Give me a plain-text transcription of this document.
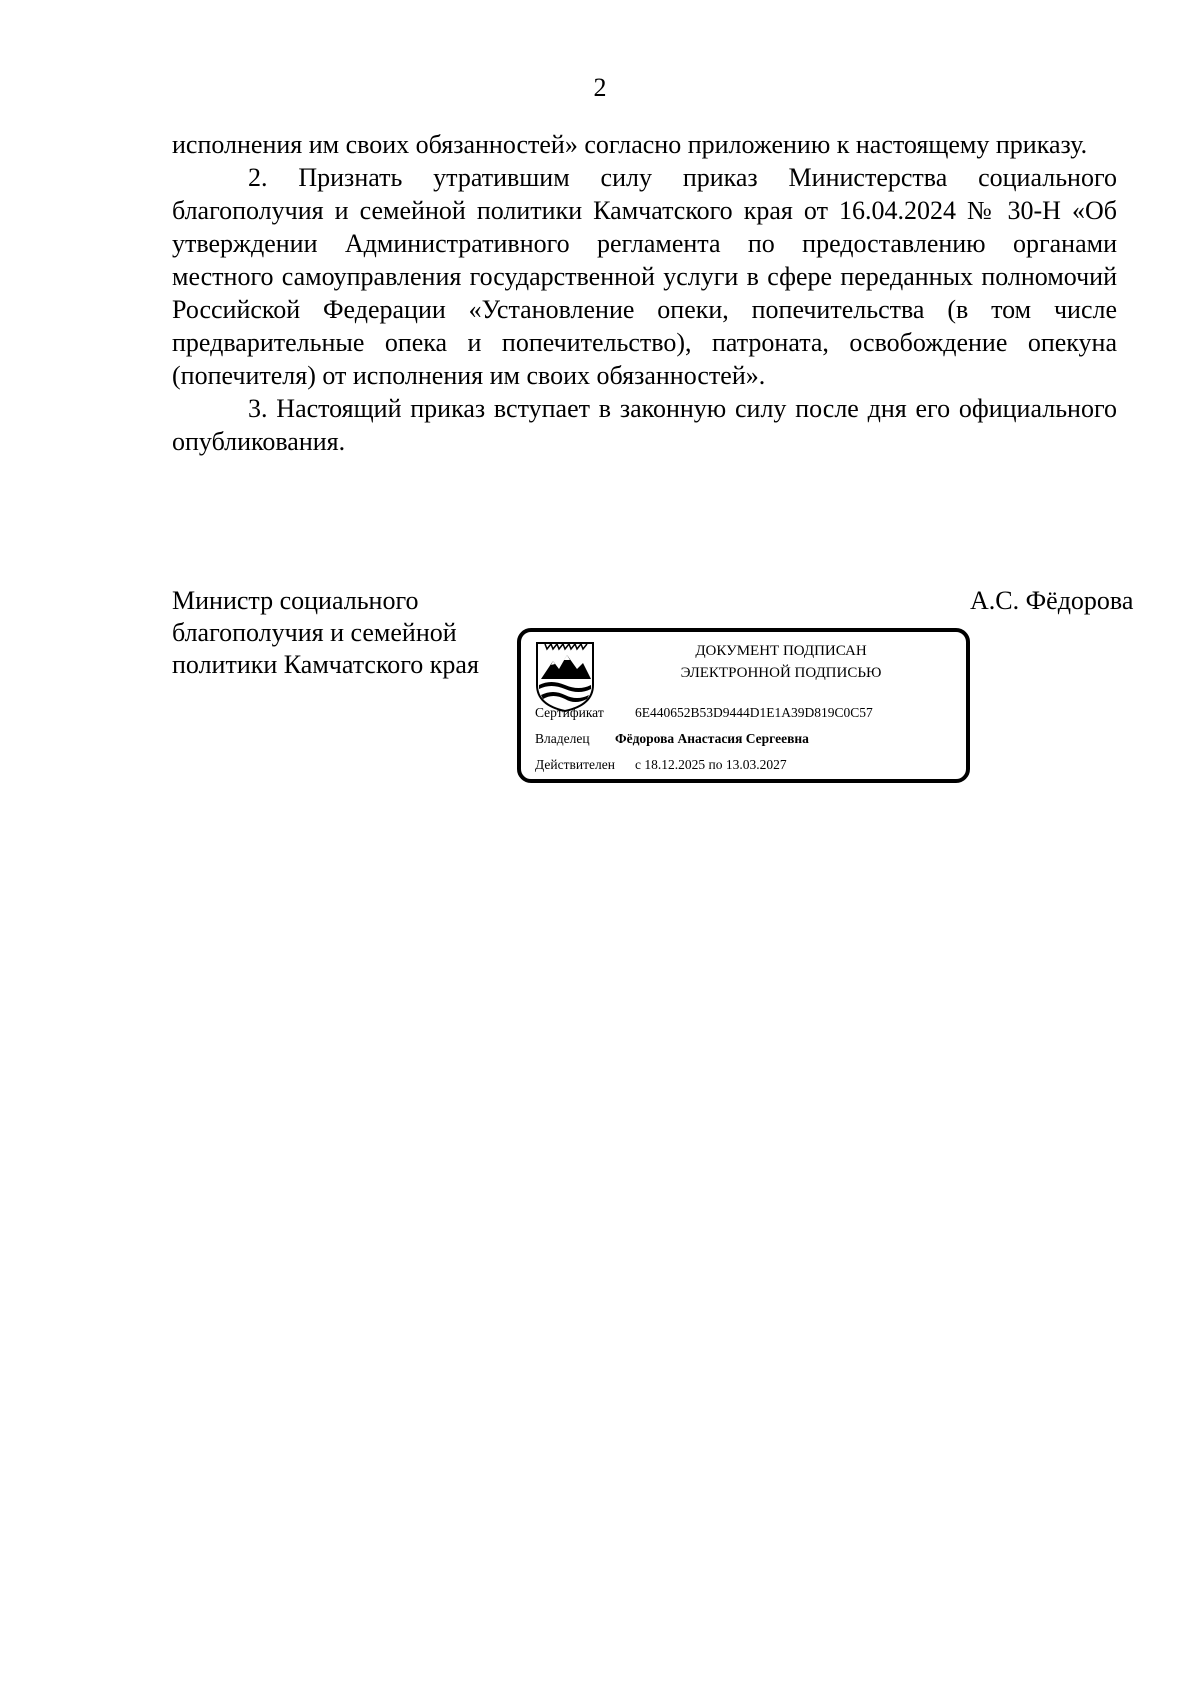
2

исполнения им своих обязанностей» согласно приложению к настоящему приказу.

2. Признать утратившим силу приказ Министерства социального благополучия и семейной политики Камчатского края от 16.04.2024 № 30-Н «Об утверждении Административного регламента по предоставлению органами местного самоуправления государственной услуги в сфере переданных полномочий Российской Федерации «Установление опеки, попечительства (в том числе предварительные опека и попечительство), патроната, освобождение опекуна (попечителя) от исполнения им своих обязанностей».

3. Настоящий приказ вступает в законную силу после дня его официального опубликования.

Министр социального
благополучия и семейной
политики Камчатского края
А.С. Фёдорова
ДОКУМЕНТ ПОДПИСАН
ЭЛЕКТРОННОЙ ПОДПИСЬЮ
Сертификат 6E440652B53D9444D1E1A39D819C0C57
Владелец Фёдорова Анастасия Сергеевна
Действителен с 18.12.2025 по 13.03.2027
